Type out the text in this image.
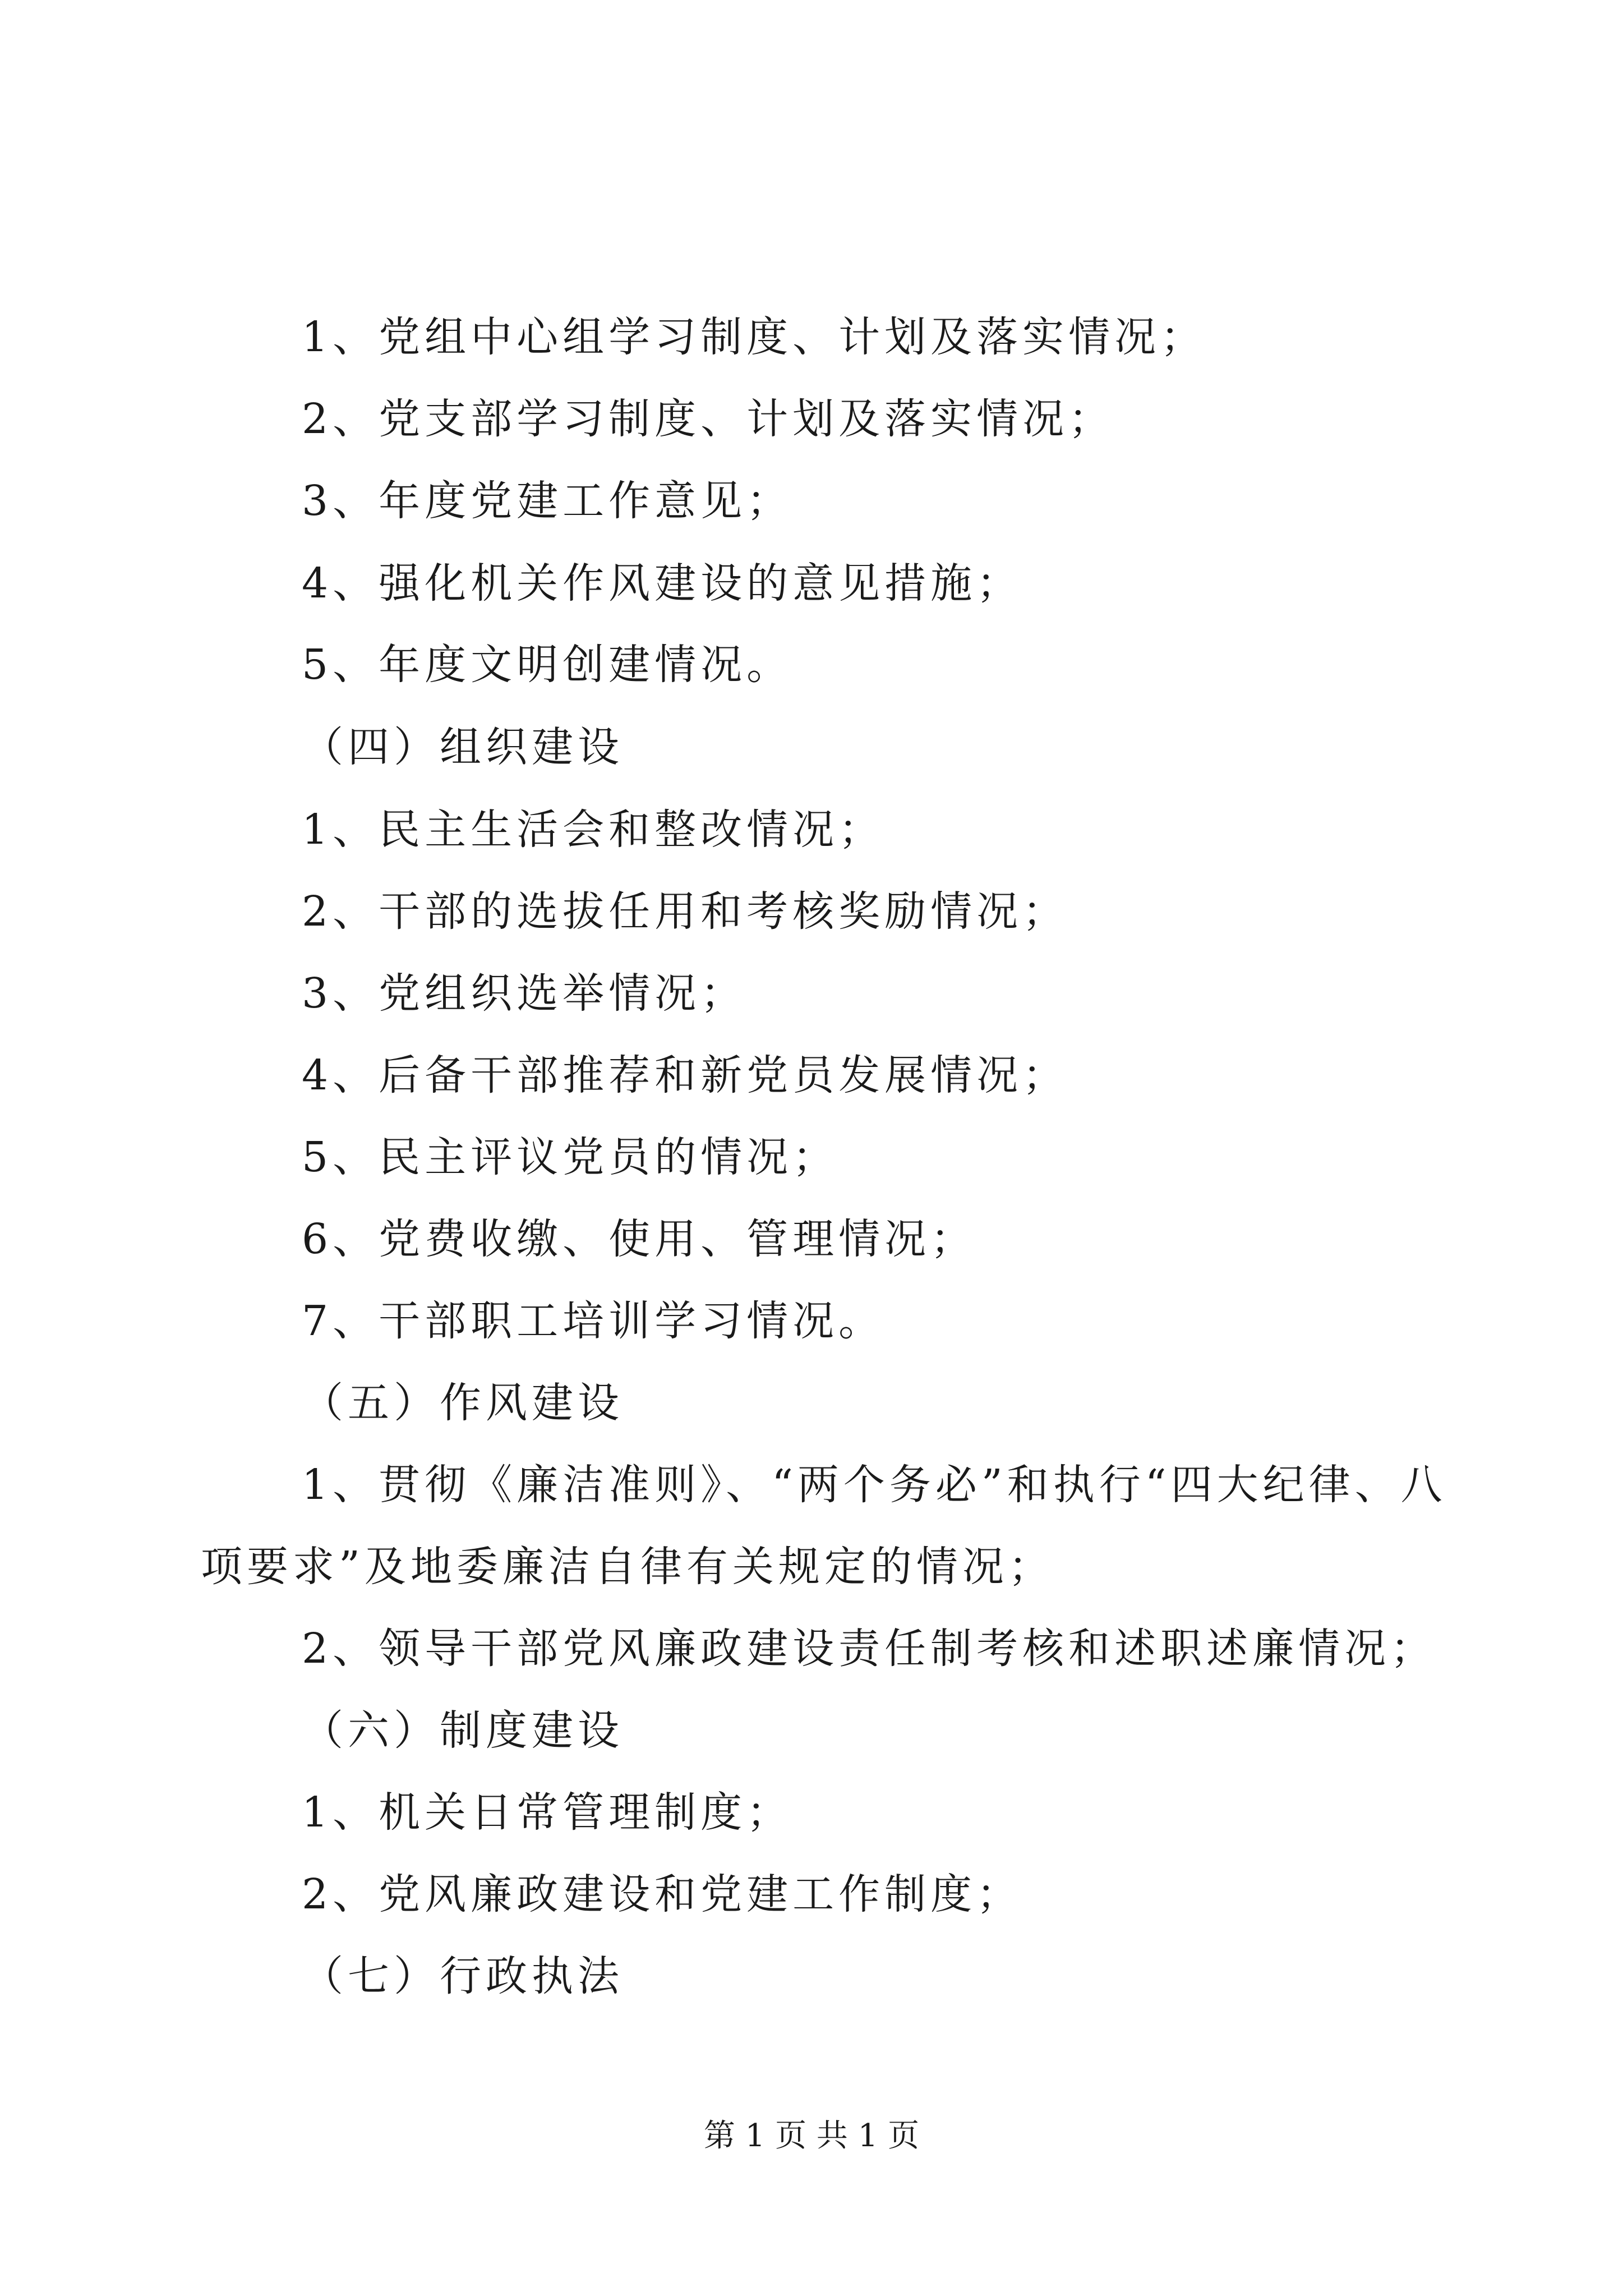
1、党组中心组学习制度、计划及落实情况；
2、党支部学习制度、计划及落实情况；
3、年度党建工作意见；
4、强化机关作风建设的意见措施；
5、年度文明创建情况。
（四）组织建设
1、民主生活会和整改情况；
2、干部的选拔任用和考核奖励情况；
3、党组织选举情况；
4、后备干部推荐和新党员发展情况；
5、民主评议党员的情况；
6、党费收缴、使用、管理情况；
7、干部职工培训学习情况。
（五）作风建设
1、贯彻《廉洁准则》、“两个务必”和执行“四大纪律、八
项要求”及地委廉洁自律有关规定的情况；
2、领导干部党风廉政建设责任制考核和述职述廉情况；
（六）制度建设
1、机关日常管理制度；
2、党风廉政建设和党建工作制度；
（七）行政执法
第 1 页 共 1 页
